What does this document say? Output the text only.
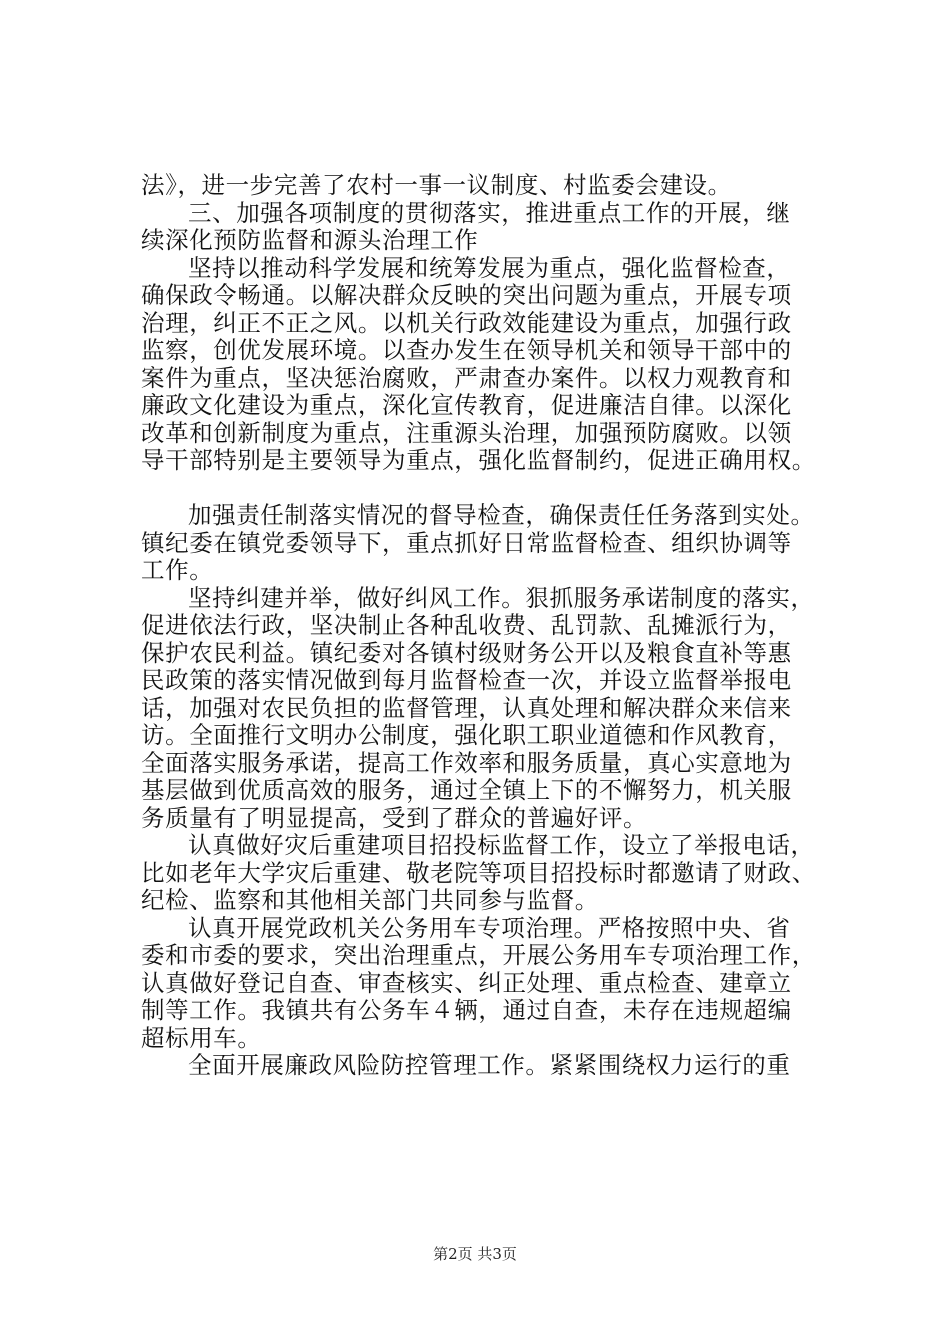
法》，进一步完善了农村一事一议制度、村监委会建设。
三、加强各项制度的贯彻落实，推进重点工作的开展，继
续深化预防监督和源头治理工作
坚持以推动科学发展和统筹发展为重点，强化监督检查，
确保政令畅通。以解决群众反映的突出问题为重点，开展专项
治理，纠正不正之风。以机关行政效能建设为重点，加强行政
监察，创优发展环境。以查办发生在领导机关和领导干部中的
案件为重点，坚决惩治腐败，严肃查办案件。以权力观教育和
廉政文化建设为重点，深化宣传教育，促进廉洁自律。以深化
改革和创新制度为重点，注重源头治理，加强预防腐败。以领
导干部特别是主要领导为重点，强化监督制约，促进正确用权。
加强责任制落实情况的督导检查，确保责任任务落到实处。
镇纪委在镇党委领导下，重点抓好日常监督检查、组织协调等
工作。
坚持纠建并举，做好纠风工作。狠抓服务承诺制度的落实，
促进依法行政，坚决制止各种乱收费、乱罚款、乱摊派行为，
保护农民利益。镇纪委对各镇村级财务公开以及粮食直补等惠
民政策的落实情况做到每月监督检查一次，并设立监督举报电
话，加强对农民负担的监督管理，认真处理和解决群众来信来
访。全面推行文明办公制度，强化职工职业道德和作风教育，
全面落实服务承诺，提高工作效率和服务质量，真心实意地为
基层做到优质高效的服务，通过全镇上下的不懈努力，机关服
务质量有了明显提高，受到了群众的普遍好评。
认真做好灾后重建项目招投标监督工作，设立了举报电话，
比如老年大学灾后重建、敬老院等项目招投标时都邀请了财政、
纪检、监察和其他相关部门共同参与监督。
认真开展党政机关公务用车专项治理。严格按照中央、省
委和市委的要求，突出治理重点，开展公务用车专项治理工作，
认真做好登记自查、审查核实、纠正处理、重点检查、建章立
制等工作。我镇共有公务车４辆，通过自查，未存在违规超编
超标用车。
全面开展廉政风险防控管理工作。紧紧围绕权力运行的重
第2页 共3页
